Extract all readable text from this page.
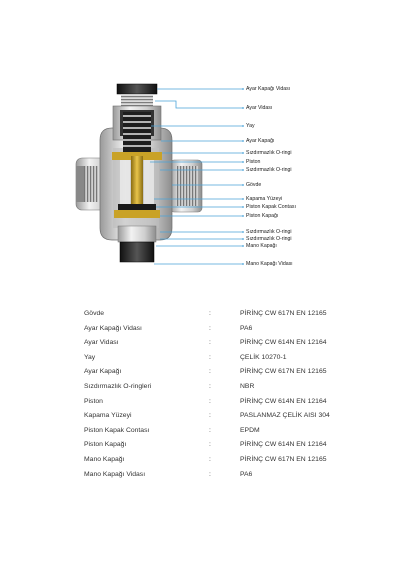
Ayar Kapağı Vidası
Ayar Vidası
Yay
Ayar Kapağı
Sızdırmazlık O-ringi
Piston
Sızdırmazlık O-ringi
Gövde
Kapama Yüzeyi
Piston Kapak Contası
Piston Kapağı
Sızdırmazlık O-ringi
Sızdırmazlık O-ringi
Mano Kapağı
Mano Kapağı Vidası
Gövde	:	PİRİNÇ CW 617N EN 12165
Ayar Kapağı Vidası	:	PA6
Ayar Vidası	:	PİRİNÇ CW 614N EN 12164
Yay	:	ÇELİK 10270-1
Ayar Kapağı	:	PİRİNÇ CW 617N EN 12165
Sızdırmazlık O-ringleri	:	NBR
Piston	:	PİRİNÇ CW 614N EN 12164
Kapama Yüzeyi	:	PASLANMAZ ÇELİK AISI 304
Piston Kapak Contası	:	EPDM
Piston Kapağı	:	PİRİNÇ CW 614N EN 12164
Mano Kapağı	:	PİRİNÇ CW 617N EN 12165
Mano Kapağı Vidası	:	PA6
